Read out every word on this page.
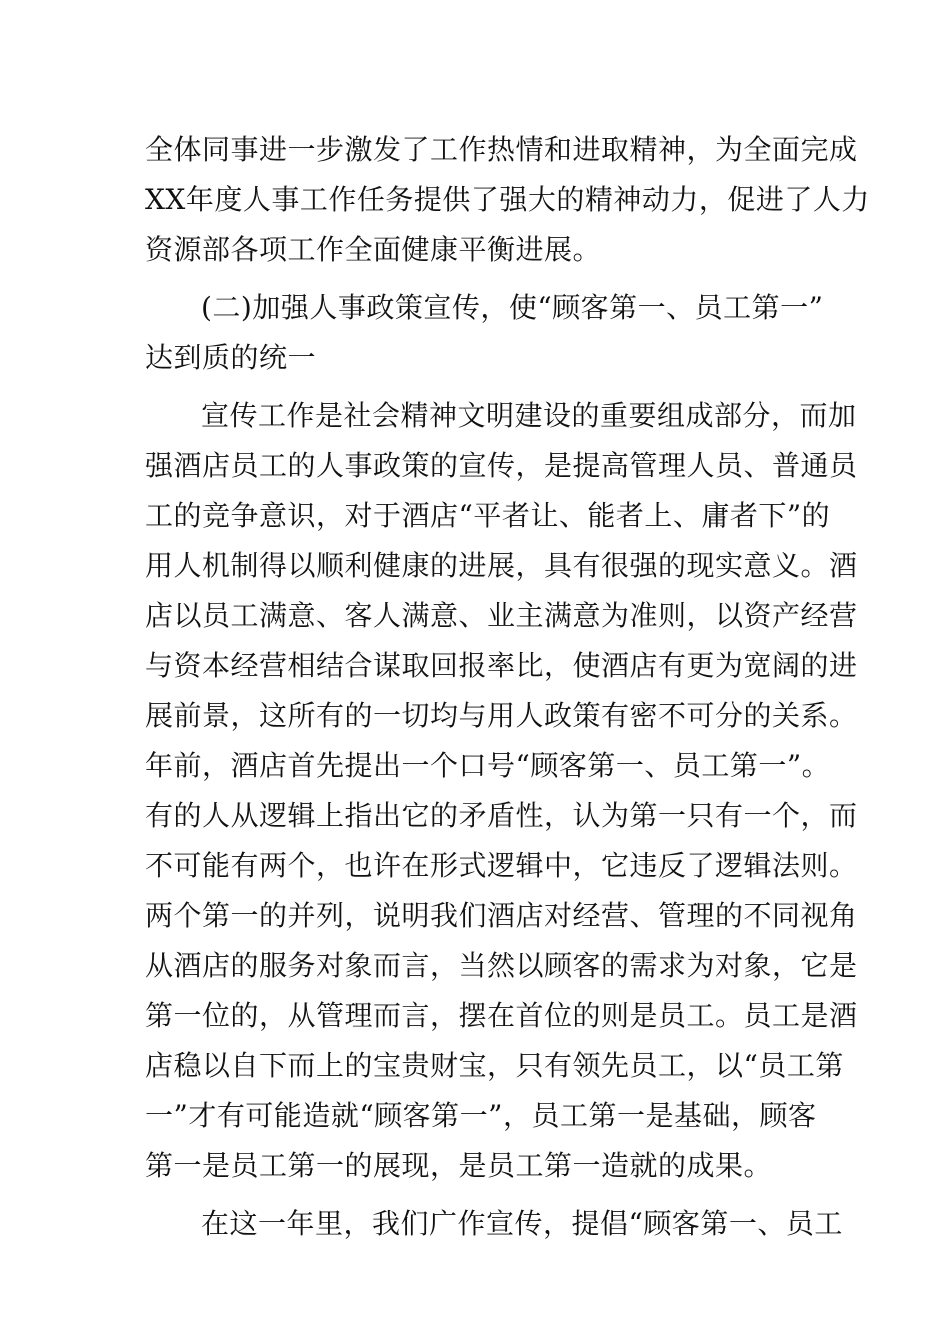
全体同事进一步激发了工作热情和进取精神，为全面完成
XX年度人事工作任务提供了强大的精神动力，促进了人力
资源部各项工作全面健康平衡进展。
(二)加强人事政策宣传，使“顾客第一、员工第一”
达到质的统一
宣传工作是社会精神文明建设的重要组成部分，而加
强酒店员工的人事政策的宣传，是提高管理人员、普通员
工的竞争意识，对于酒店“平者让、能者上、庸者下”的
用人机制得以顺利健康的进展，具有很强的现实意义。酒
店以员工满意、客人满意、业主满意为准则，以资产经营
与资本经营相结合谋取回报率比，使酒店有更为宽阔的进
展前景，这所有的一切均与用人政策有密不可分的关系。
年前，酒店首先提出一个口号“顾客第一、员工第一”。
有的人从逻辑上指出它的矛盾性，认为第一只有一个，而
不可能有两个，也许在形式逻辑中，它违反了逻辑法则。
两个第一的并列，说明我们酒店对经营、管理的不同视角
从酒店的服务对象而言，当然以顾客的需求为对象，它是
第一位的，从管理而言，摆在首位的则是员工。员工是酒
店稳以自下而上的宝贵财宝，只有领先员工，以“员工第
一”才有可能造就“顾客第一”，员工第一是基础，顾客
第一是员工第一的展现，是员工第一造就的成果。
在这一年里，我们广作宣传，提倡“顾客第一、员工
